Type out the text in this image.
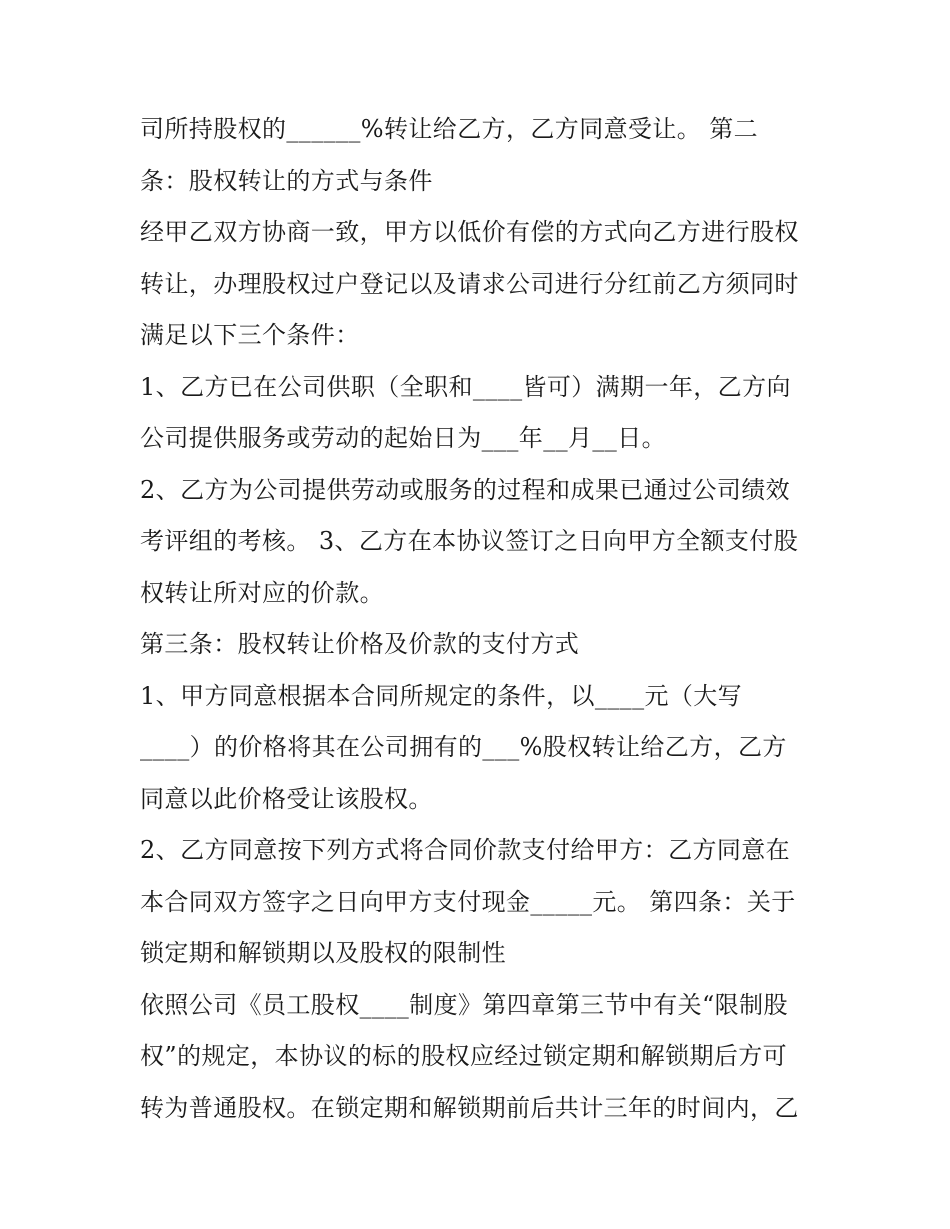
司所持股权的______%转让给乙方，乙方同意受让。 第二
条：股权转让的方式与条件
经甲乙双方协商一致，甲方以低价有偿的方式向乙方进行股权
转让，办理股权过户登记以及请求公司进行分红前乙方须同时
满足以下三个条件：
1、乙方已在公司供职（全职和____皆可）满期一年，乙方向
公司提供服务或劳动的起始日为___年__月__日。
2、乙方为公司提供劳动或服务的过程和成果已通过公司绩效
考评组的考核。 3、乙方在本协议签订之日向甲方全额支付股
权转让所对应的价款。
第三条：股权转让价格及价款的支付方式
1、甲方同意根据本合同所规定的条件，以____元（大写
____）的价格将其在公司拥有的___%股权转让给乙方，乙方
同意以此价格受让该股权。
2、乙方同意按下列方式将合同价款支付给甲方：乙方同意在
本合同双方签字之日向甲方支付现金_____元。 第四条：关于
锁定期和解锁期以及股权的限制性
依照公司《员工股权____制度》第四章第三节中有关“限制股
权”的规定，本协议的标的股权应经过锁定期和解锁期后方可
转为普通股权。在锁定期和解锁期前后共计三年的时间内，乙
